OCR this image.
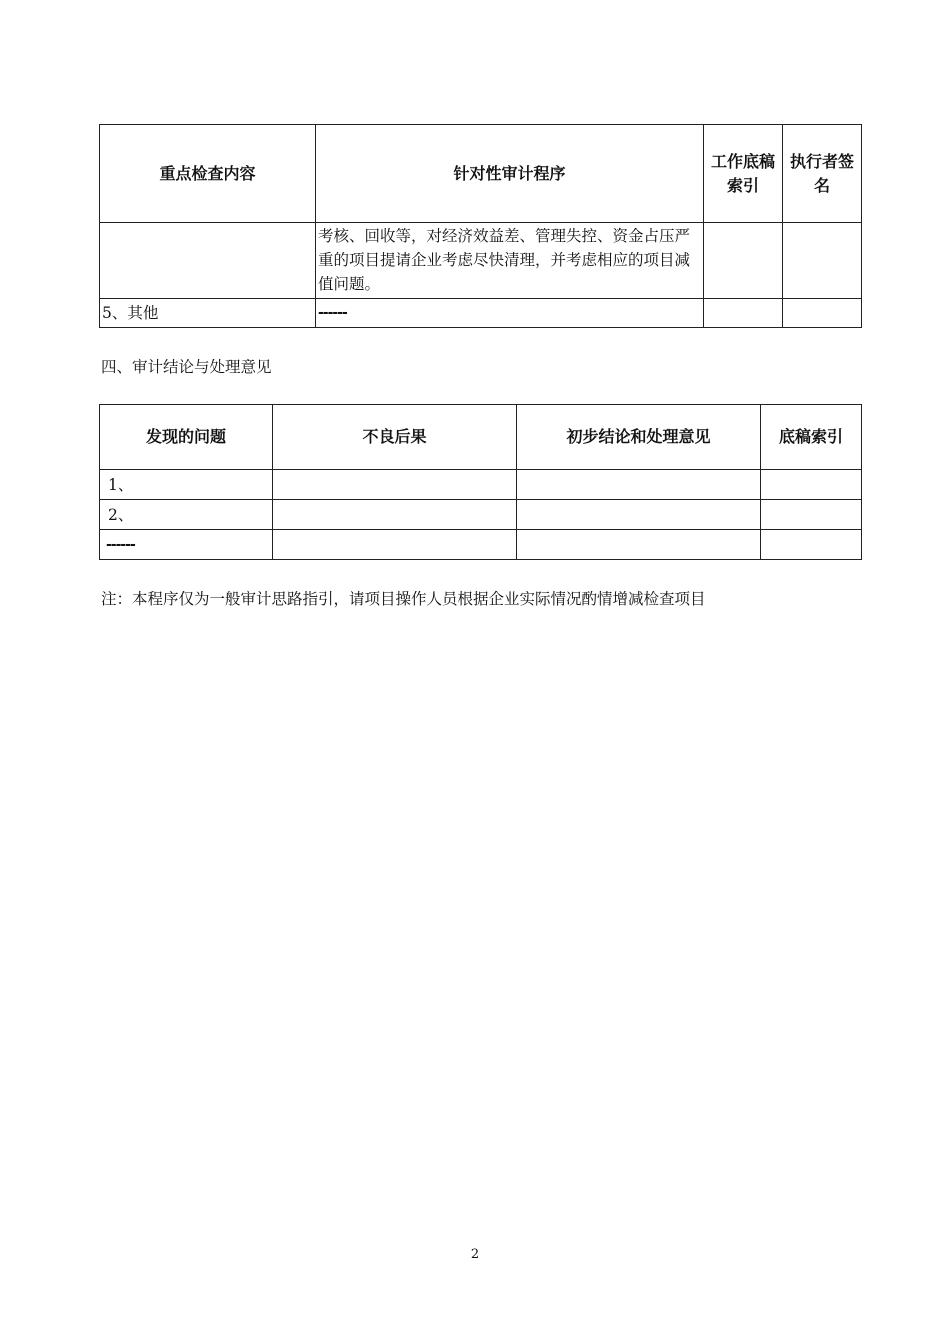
重点检查内容	针对性审计程序	工作底稿索引	执行者签名
	考核、回收等，对经济效益差、管理失控、资金占压严重的项目提请企业考虑尽快清理，并考虑相应的项目减值问题。		
5、其他	------		
四、审计结论与处理意见
发现的问题	不良后果	初步结论和处理意见	底稿索引
1、			
2、			
------			
注：本程序仅为一般审计思路指引，请项目操作人员根据企业实际情况酌情增减检查项目
2
